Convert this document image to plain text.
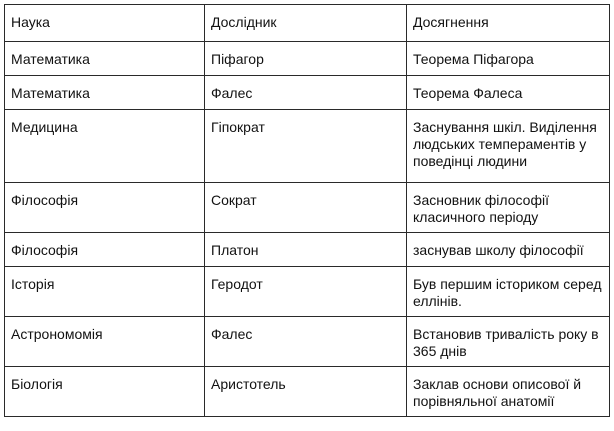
Наука	Дослідник	Досягнення
Математика	Піфагор	Теорема Піфагора
Математика	Фалес	Теорема Фалеса
Медицина	Гіпократ	Заснування шкіл. Виділення людських темпераментів у поведінці людини
Філософія	Сократ	Засновник філософії класичного періоду
Філософія	Платон	заснував школу філософії
Історія	Геродот	Був першим істориком серед еллінів.
Астрономомія	Фалес	Встановив тривалість року в 365 днів
Біологія	Аристотель	Заклав основи описової й порівняльної анатомії
